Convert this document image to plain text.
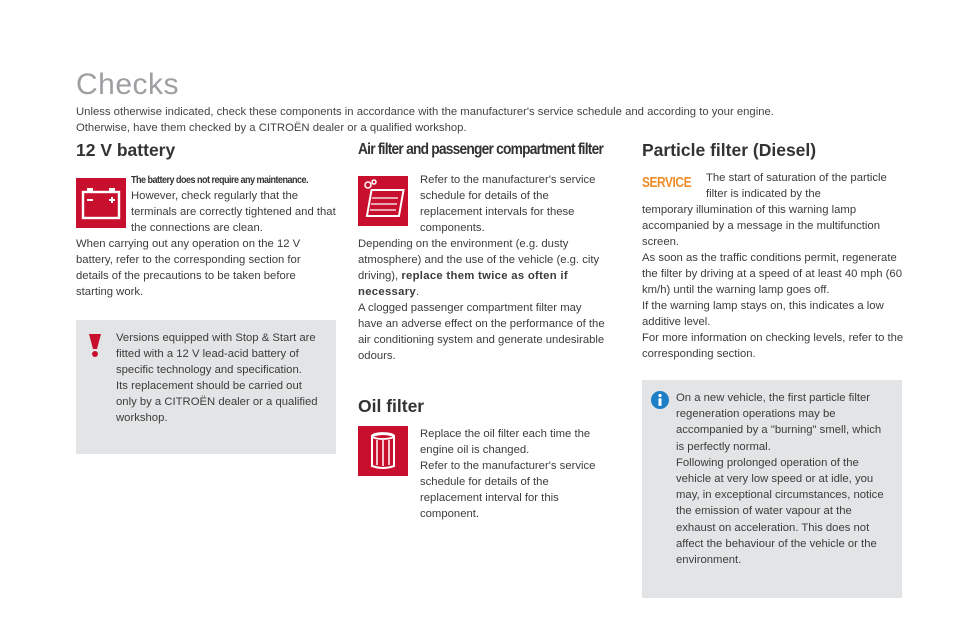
Checks

Unless otherwise indicated, check these components in accordance with the manufacturer's service schedule and according to your engine.

Otherwise, have them checked by a CITROËN dealer or a qualified workshop.

12 V battery
The battery does not require any maintenance.
However, check regularly that the terminals are correctly tightened and that the connections are clean.
When carrying out any operation on the 12 V battery, refer to the corresponding section for details of the precautions to be taken before starting work.
Versions equipped with Stop & Start are fitted with a 12 V lead-acid battery of specific technology and specification.
Its replacement should be carried out only by a CITROËN dealer or a qualified workshop.
Air filter and passenger compartment filter
Refer to the manufacturer's service schedule for details of the replacement intervals for these components.
Depending on the environment (e.g. dusty atmosphere) and the use of the vehicle (e.g. city driving), replace them twice as often if necessary.
A clogged passenger compartment filter may have an adverse effect on the performance of the air conditioning system and generate undesirable odours.
Oil filter
Replace the oil filter each time the engine oil is changed.
Refer to the manufacturer's service schedule for details of the replacement interval for this component.
Particle filter (Diesel)
SERVICE	The start of saturation of the particle filter is indicated by the
temporary illumination of this warning lamp accompanied by a message in the multifunction screen.
As soon as the traffic conditions permit, regenerate the filter by driving at a speed of at least 40 mph (60 km/h) until the warning lamp goes off.
If the warning lamp stays on, this indicates a low additive level.
For more information on checking levels, refer to the corresponding section.
On a new vehicle, the first particle filter regeneration operations may be accompanied by a "burning" smell, which is perfectly normal.
Following prolonged operation of the vehicle at very low speed or at idle, you may, in exceptional circumstances, notice the emission of water vapour at the exhaust on acceleration. This does not affect the behaviour of the vehicle or the environment.
